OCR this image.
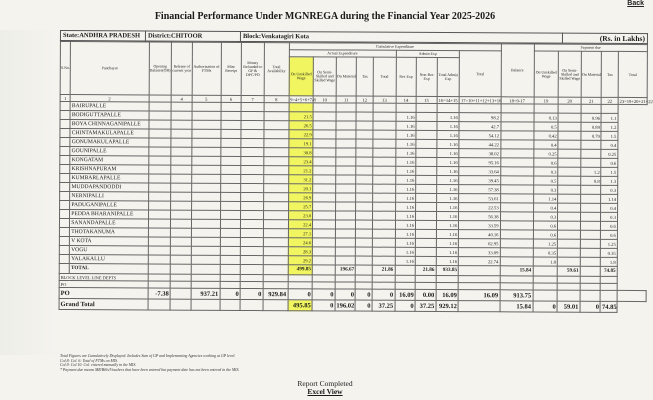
Back
Financial Performance Under MGNREGA during the Financial Year 2025-2026
State:ANDHRA PRADESH	District:CHITOOR	Block:Venkatagiri Kota	(Rs. in Lakhs)
S.No.	Panchayat	Opening Balance(OB)	Release of current year	Authorization of FTMs	Misc Receipt	Money Refunded to GP & DPC/PO	Total Availability	Cumulative Expenditure									Balance	Payment due				
								Actual Expenditure					Admin Exp			Total		On Unskilled Wage	On Semi-Skilled and Skilled Wage	On Material	Tax	Total
								On Unskilled Wage	On Semi-Skilled and Skilled Wage	On Material	Tax	Total	Rec Exp	Non-Rec Exp	Total Admin Exp							
1	2		4	5	6	7	8	9=4+5+6+7-8	10	11	12	13	14	15	16=14+15	17=10+11+12+13+16	18=9-17	19	20	21	22	23=19+20+21+22
	BAIRUPALLE																					
	BODIGUTTAPALLE							21.5					1.16		1.16	98.2		0.13		0.96	1.1	
	BOYA CHINNAGANIPALLE							26.5					1.16		1.16	42.7		0.5		0.89	1.2	
	CHINTAMAKULAPALLE							22.9					1.16		1.16	54.12		0.42		0.79	1.5	
	GONUMAKULAPALLE							19.1					1.16		1.16	44.22		0.4			0.4	
	GOUNIPALLE							30.8					1.16		1.16	38.02		0.25			0.25	
	KONGATAM							23.4					1.16		1.16	95.16		0.6			0.6	
	KRISHNAPURAM							21.2					1.16		1.16	33.64		0.3		1.2	1.5	
	KUMBARLAPALLE							31.2					1.16		1.16	39.45		0.5		0.8	1.3	
	MUDDAPANDODDI							20.1					1.16		1.16	57.38		0.3			0.3	
	NERNIPALLI							26.9					1.16		1.16	53.61		1.14			1.14	
	PADUGANIPALLE							25.7					1.16		1.16	22.53		0.4			0.4	
	PEDDA BHARANIPALLE							23.0					1.16		1.16	56.38		0.3			0.3	
	SANANDAPALLE							22.4					1.16		1.16	33.59		0.6			0.6	
	THOTAKANUMA							27.1					1.16		1.16	40.16		0.6			0.6	
	V KOTA							24.6					1.16		1.16	62.95		1.25			1.25	
	VOGU							28.3					1.16		1.16	33.09		0.35			0.35	
	YALAKALLU							29.2					1.16		1.16	22.74		1.8			1.8	
	TOTAL							499.85		196.67		21.86		21.86	933.85		15.84		59.61		74.85	
BLOCK LEVEL LINE DEPTS																						
PO																						
PO		-7.38		937.21	0	0	929.84	0	0	0	0	0	16.09	0.00	16.09	16.09	913.75					
Grand Total								495.85	0	196.02	0	37.25	0	37.25	929.12		15.84	0	59.01	0	74.85	
Total Figures are Cumulatively Displayed. Includes Sum of GP and Implementing Agencies working at GP level.
Col.8: Col. 6: Total of FTMs on MIS.
Col.9: Col.10: Col. entered manually in the MIS.
* Payment due means MR/Bills/Vouchers that have been entered but payment date has not been entered in the MIS.
Report Completed
Excel View
